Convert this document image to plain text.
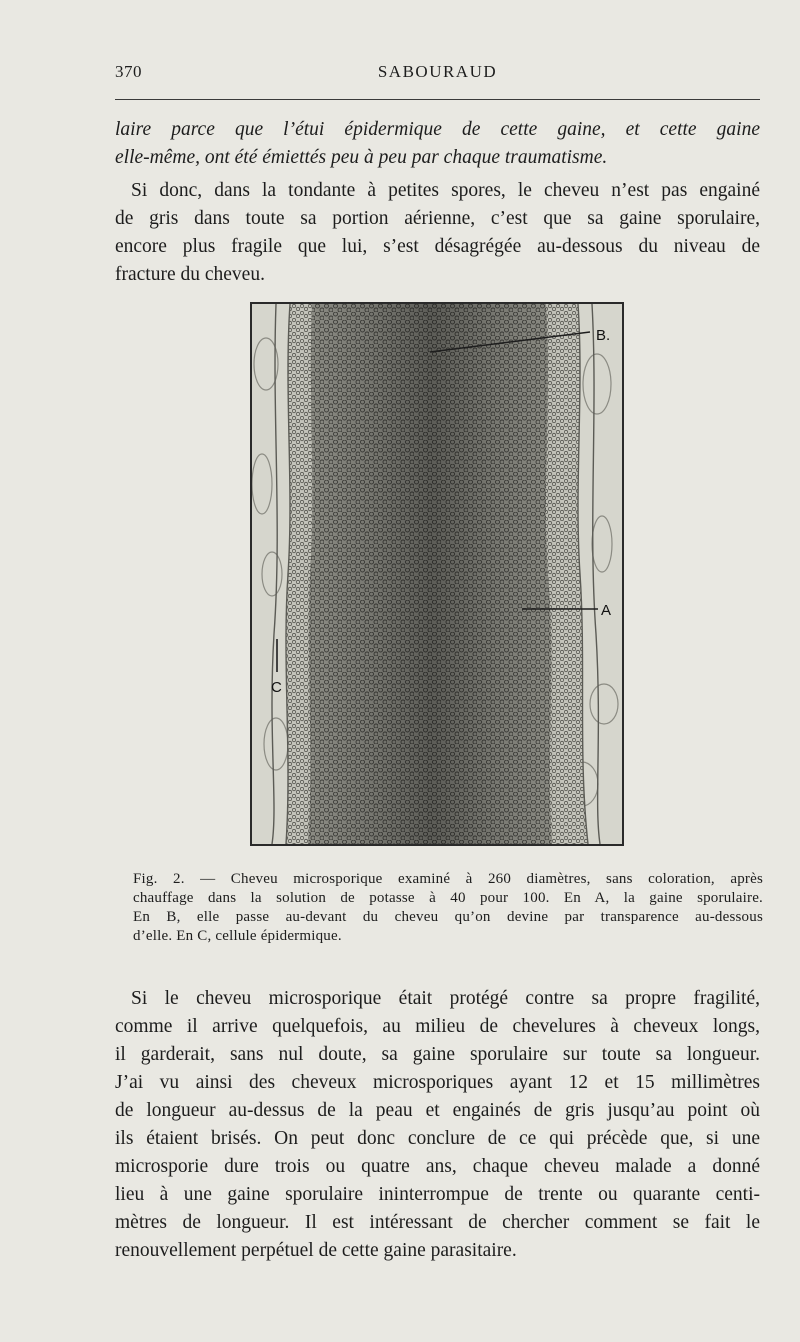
370	SABOURAUD
laire parce que l’étui épidermique de cette gaine, et cette gaine
elle-même, ont été émiettés peu à peu par chaque traumatisme.
Si donc, dans la tondante à petites spores, le cheveu n’est pas engainé
de gris dans toute sa portion aérienne, c’est que sa gaine sporulaire,
encore plus fragile que lui, s’est désagrégée au-dessous du niveau de
fracture du cheveu.
B.
A
C
Fig. 2. — Cheveu microsporique examiné à 260 diamètres, sans coloration, après
chauffage dans la solution de potasse à 40 pour 100. En A, la gaine sporulaire.
En B, elle passe au-devant du cheveu qu’on devine par transparence au-dessous
d’elle. En C, cellule épidermique.
Si le cheveu microsporique était protégé contre sa propre fragilité,
comme il arrive quelquefois, au milieu de chevelures à cheveux longs,
il garderait, sans nul doute, sa gaine sporulaire sur toute sa longueur.
J’ai vu ainsi des cheveux microsporiques ayant 12 et 15 millimètres
de longueur au-dessus de la peau et engainés de gris jusqu’au point où
ils étaient brisés. On peut donc conclure de ce qui précède que, si une
microsporie dure trois ou quatre ans, chaque cheveu malade a donné
lieu à une gaine sporulaire ininterrompue de trente ou quarante centi-
mètres de longueur. Il est intéressant de chercher comment se fait le
renouvellement perpétuel de cette gaine parasitaire.
